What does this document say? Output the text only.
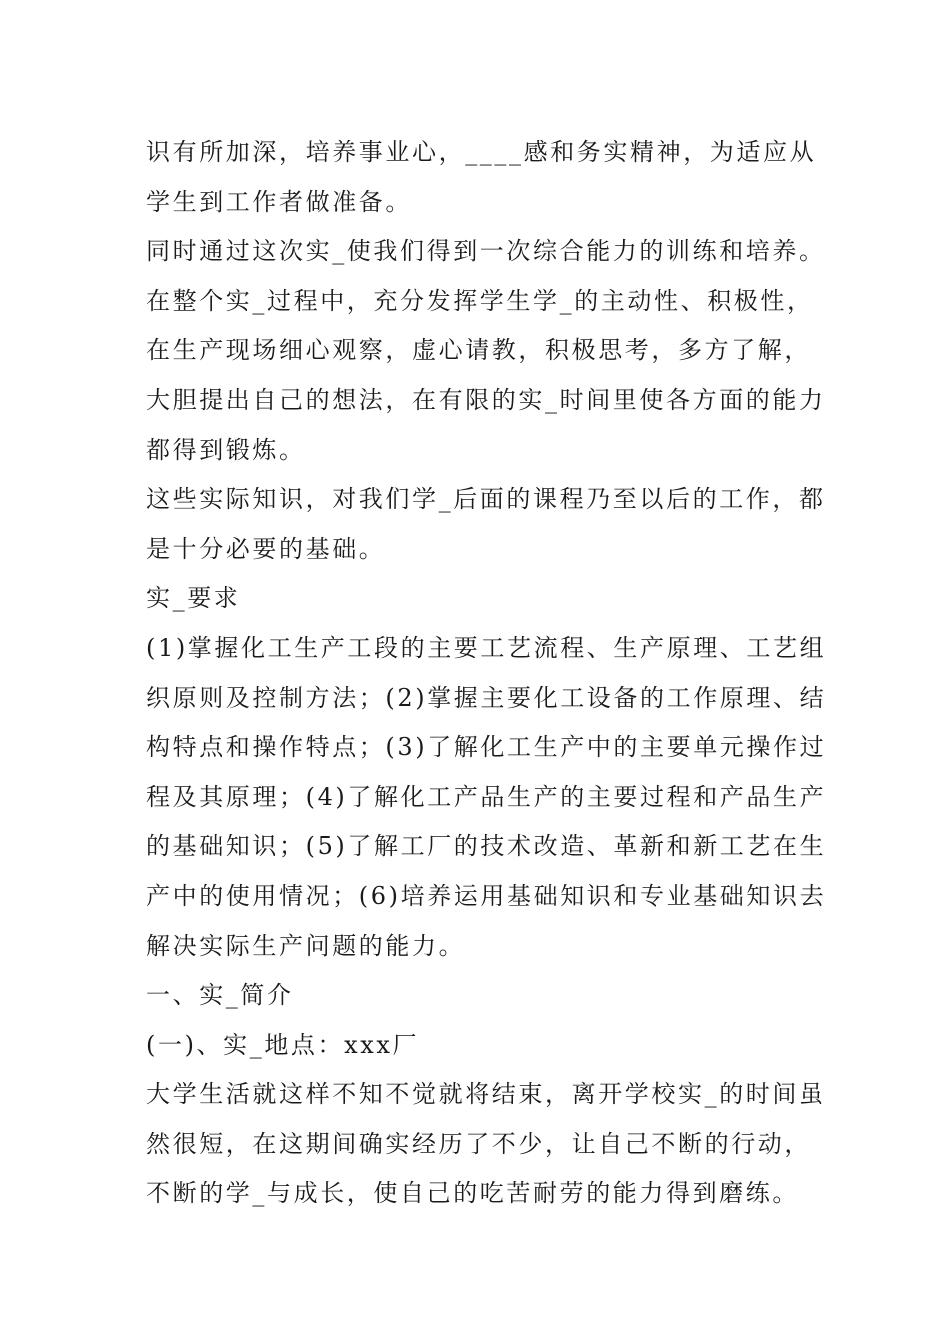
识有所加深，培养事业心，____感和务实精神，为适应从
学生到工作者做准备。
同时通过这次实_使我们得到一次综合能力的训练和培养。
在整个实_过程中，充分发挥学生学_的主动性、积极性，
在生产现场细心观察，虚心请教，积极思考，多方了解，
大胆提出自己的想法，在有限的实_时间里使各方面的能力
都得到锻炼。
这些实际知识，对我们学_后面的课程乃至以后的工作，都
是十分必要的基础。
实_要求
(1)掌握化工生产工段的主要工艺流程、生产原理、工艺组
织原则及控制方法；(2)掌握主要化工设备的工作原理、结
构特点和操作特点；(3)了解化工生产中的主要单元操作过
程及其原理；(4)了解化工产品生产的主要过程和产品生产
的基础知识；(5)了解工厂的技术改造、革新和新工艺在生
产中的使用情况；(6)培养运用基础知识和专业基础知识去
解决实际生产问题的能力。
一、实_简介
(一)、实_地点：xxx厂
大学生活就这样不知不觉就将结束，离开学校实_的时间虽
然很短，在这期间确实经历了不少，让自己不断的行动，
不断的学_与成长，使自己的吃苦耐劳的能力得到磨练。
